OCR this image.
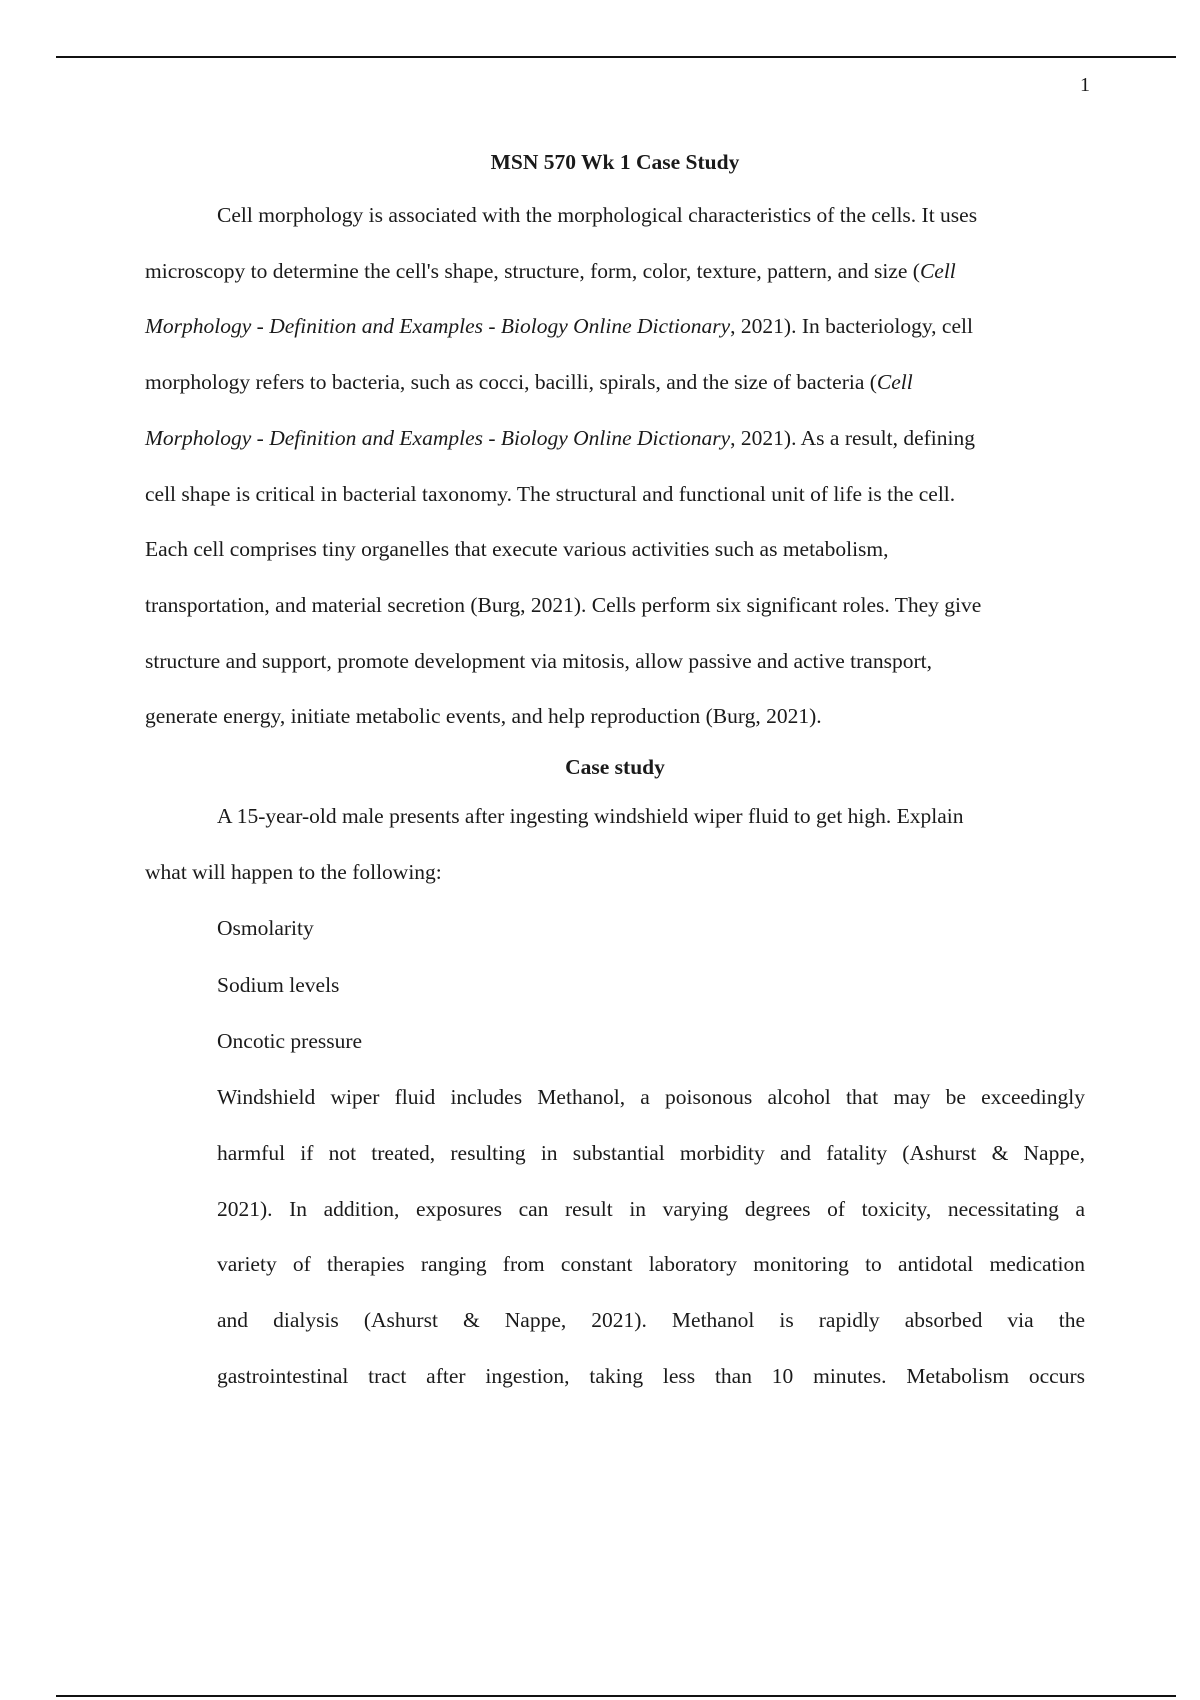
1
MSN 570 Wk 1 Case Study

Cell morphology is associated with the morphological characteristics of the cells. It uses

microscopy to determine the cell's shape, structure, form, color, texture, pattern, and size (Cell

Morphology - Definition and Examples - Biology Online Dictionary, 2021). In bacteriology, cell

morphology refers to bacteria, such as cocci, bacilli, spirals, and the size of bacteria (Cell

Morphology - Definition and Examples - Biology Online Dictionary, 2021). As a result, defining

cell shape is critical in bacterial taxonomy. The structural and functional unit of life is the cell.

Each cell comprises tiny organelles that execute various activities such as metabolism,

transportation, and material secretion (Burg, 2021). Cells perform six significant roles. They give

structure and support, promote development via mitosis, allow passive and active transport,

generate energy, initiate metabolic events, and help reproduction (Burg, 2021).

Case study

A 15-year-old male presents after ingesting windshield wiper fluid to get high. Explain

what will happen to the following:

Osmolarity

Sodium levels

Oncotic pressure

Windshield wiper fluid includes Methanol, a poisonous alcohol that may be exceedingly

harmful if not treated, resulting in substantial morbidity and fatality (Ashurst & Nappe,

2021). In addition, exposures can result in varying degrees of toxicity, necessitating a

variety of therapies ranging from constant laboratory monitoring to antidotal medication

and dialysis (Ashurst & Nappe, 2021). Methanol is rapidly absorbed via the

gastrointestinal tract after ingestion, taking less than 10 minutes. Metabolism occurs
